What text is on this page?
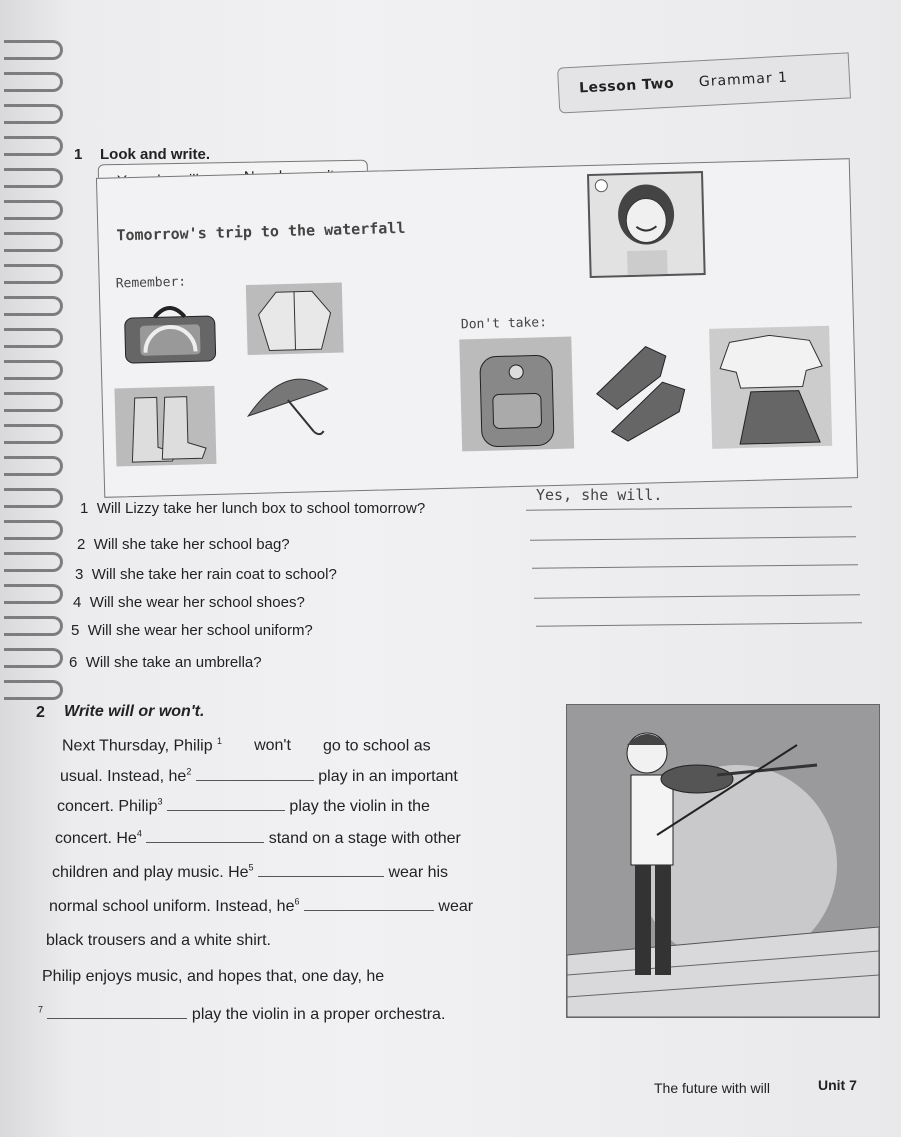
Lesson Two Grammar 1
1 Look and write.
Tomorrow's trip to the waterfall
Remember:
Don't take:
1 Will Lizzy take her lunch box to school tomorrow?
Yes, she will.
2 Will she take her school bag?
3 Will she take her rain coat to school?
4 Will she wear her school shoes?
5 Will she wear her school uniform?
6 Will she take an umbrella?
2 Write will or won't.
Next Thursday, Philip $^1$ won't go to school as
usual. Instead, $he^2$	play in an important
concert. Philip$^3$	play the violin in the
concert. He$^4$	stand on a stage with other
children and play music. He$^5$	wear his
normal school uniform. Instead, $he^6$	wear
black trousers and a white shirt.
Philip enjoys music, and hopes that, one day, he
$^7$	play the violin in a proper orchestra.
The future with will	Unit 7
